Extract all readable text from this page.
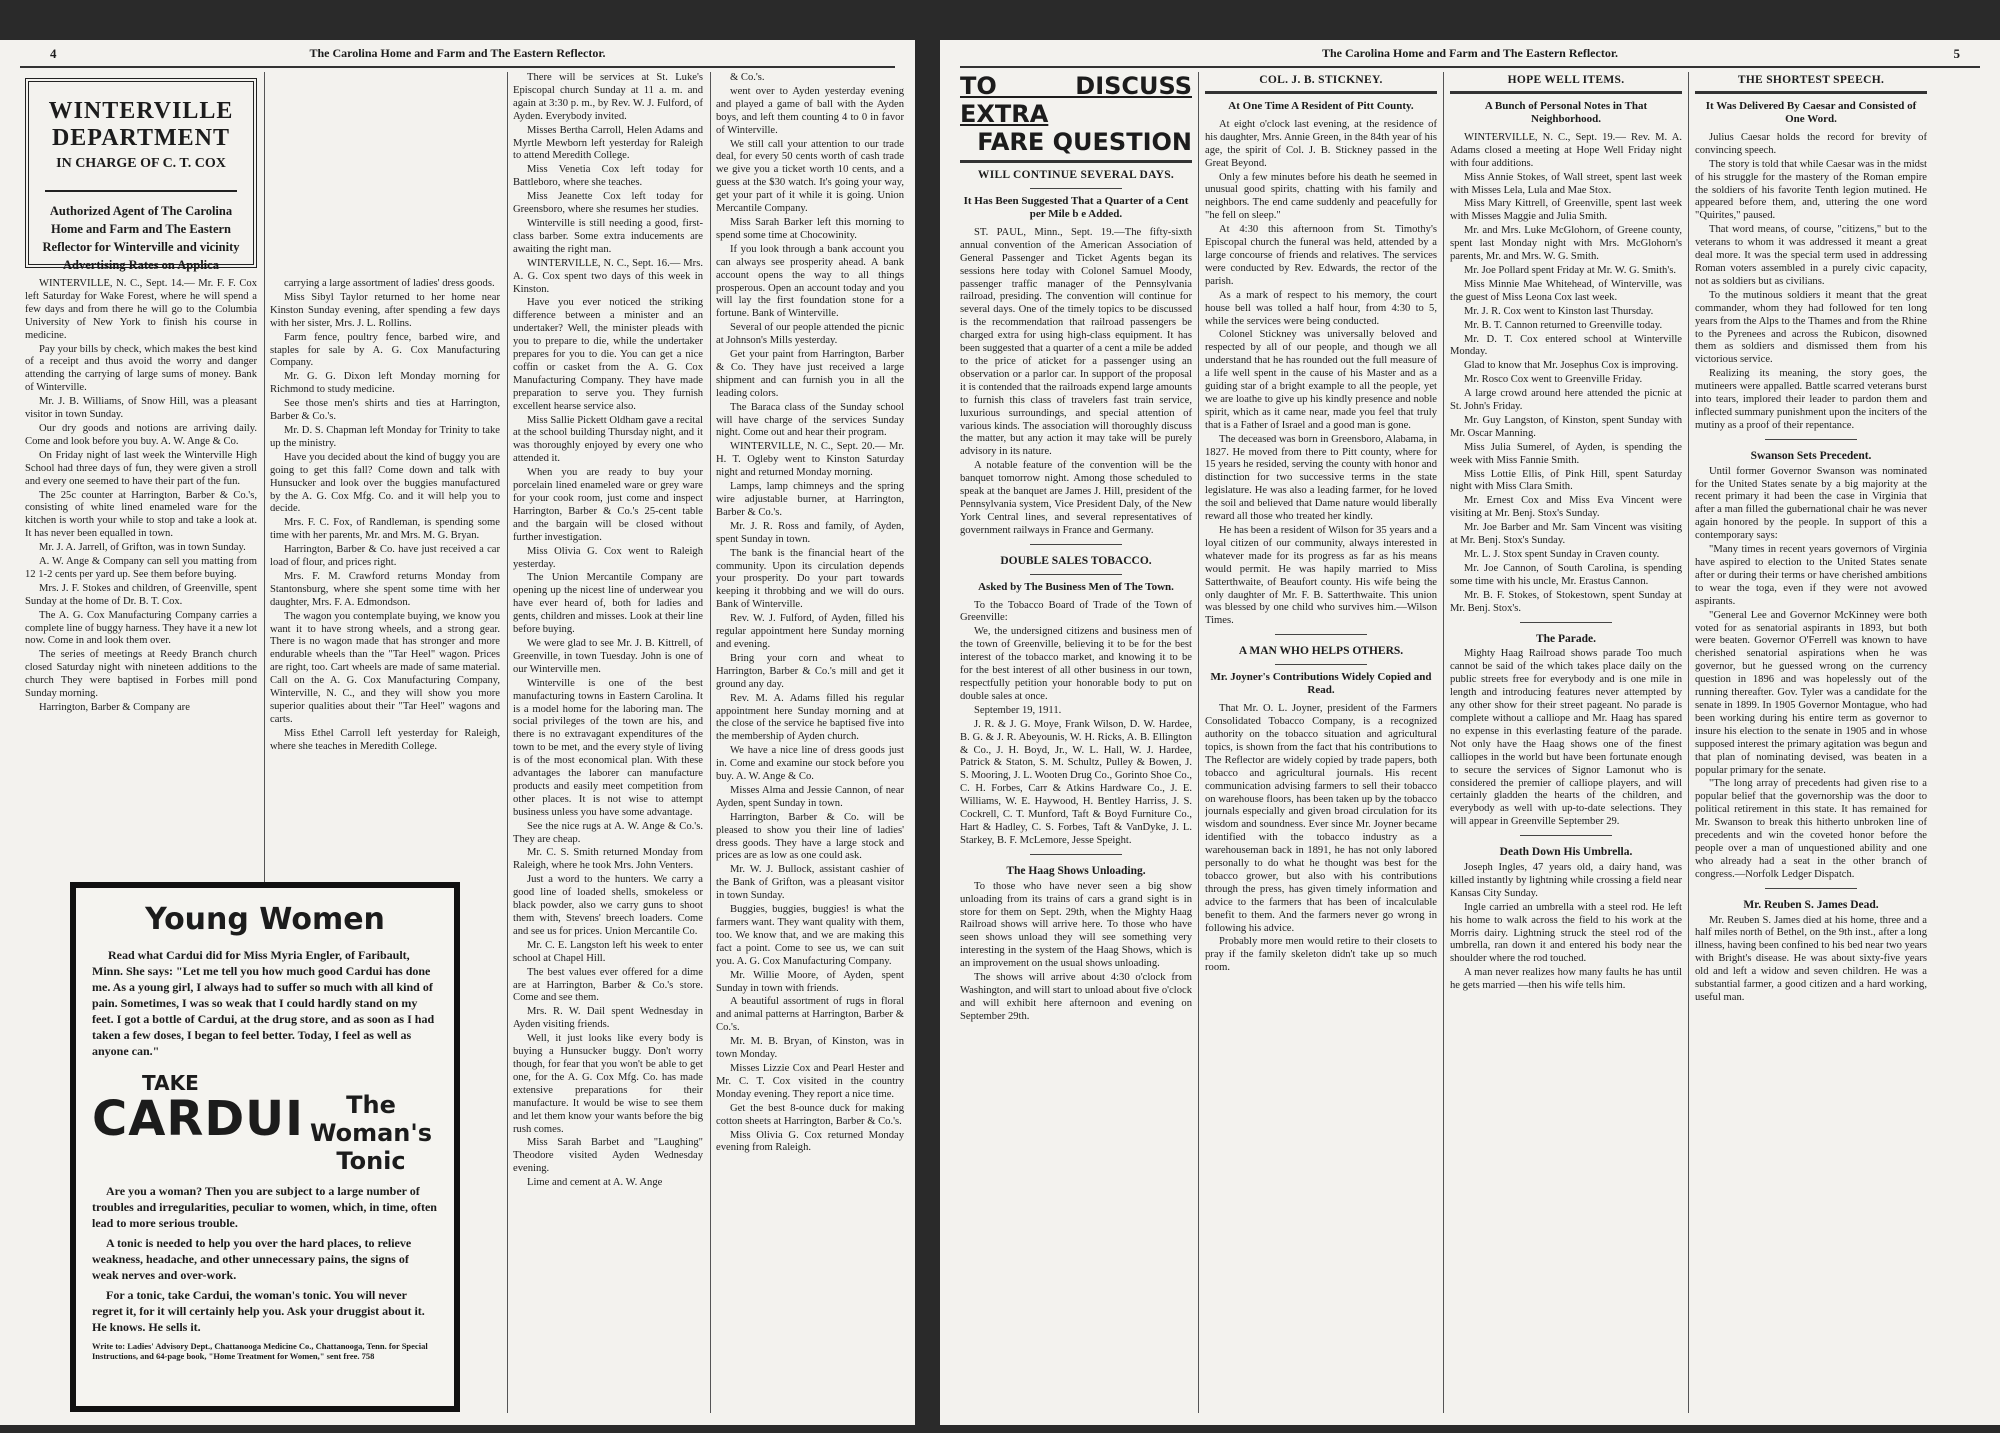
4	The Carolina Home and Farm and The Eastern Reflector.
WINTERVILLE DEPARTMENT
IN CHARGE OF C. T. COX
Authorized Agent of The Carolina Home and Farm and The Eastern Reflector for Winterville and vicinity Advertising Rates on Applica

WINTERVILLE, N. C., Sept. 14.— Mr. F. F. Cox left Saturday for Wake Forest, where he will spend a few days and from there he will go to the Columbia University of New York to finish his course in medicine.

Pay your bills by check, which makes the best kind of a receipt and thus avoid the worry and danger attending the carrying of large sums of money. Bank of Winterville.

Mr. J. B. Williams, of Snow Hill, was a pleasant visitor in town Sunday.

Our dry goods and notions are arriving daily. Come and look before you buy. A. W. Ange & Co.

On Friday night of last week the Winterville High School had three days of fun, they were given a stroll and every one seemed to have their part of the fun.

The 25c counter at Harrington, Barber & Co.'s, consisting of white lined enameled ware for the kitchen is worth your while to stop and take a look at. It has never been equalled in town.

Mr. J. A. Jarrell, of Grifton, was in town Sunday.

A. W. Ange & Company can sell you matting from 12 1-2 cents per yard up. See them before buying.

Mrs. J. F. Stokes and children, of Greenville, spent Sunday at the home of Dr. B. T. Cox.

The A. G. Cox Manufacturing Company carries a complete line of buggy harness. They have it a new lot now. Come in and look them over.

The series of meetings at Reedy Branch church closed Saturday night with nineteen additions to the church They were baptised in Forbes mill pond Sunday morning.

Harrington, Barber & Company are

carrying a large assortment of ladies' dress goods.

Miss Sibyl Taylor returned to her home near Kinston Sunday evening, after spending a few days with her sister, Mrs. J. L. Rollins.

Farm fence, poultry fence, barbed wire, and staples for sale by A. G. Cox Manufacturing Company.

Mr. G. G. Dixon left Monday morning for Richmond to study medicine.

See those men's shirts and ties at Harrington, Barber & Co.'s.

Mr. D. S. Chapman left Monday for Trinity to take up the ministry.

Have you decided about the kind of buggy you are going to get this fall? Come down and talk with Hunsucker and look over the buggies manufactured by the A. G. Cox Mfg. Co. and it will help you to decide.

Mrs. F. C. Fox, of Randleman, is spending some time with her parents, Mr. and Mrs. M. G. Bryan.

Harrington, Barber & Co. have just received a car load of flour, and prices right.

Mrs. F. M. Crawford returns Monday from Stantonsburg, where she spent some time with her daughter, Mrs. F. A. Edmondson.

The wagon you contemplate buying, we know you want it to have strong wheels, and a strong gear. There is no wagon made that has stronger and more endurable wheels than the "Tar Heel" wagon. Prices are right, too. Cart wheels are made of same material. Call on the A. G. Cox Manufacturing Company, Winterville, N. C., and they will show you more superior qualities about their "Tar Heel" wagons and carts.

Miss Ethel Carroll left yesterday for Raleigh, where she teaches in Meredith College.

There will be services at St. Luke's Episcopal church Sunday at 11 a. m. and again at 3:30 p. m., by Rev. W. J. Fulford, of Ayden. Everybody invited.

Misses Bertha Carroll, Helen Adams and Myrtle Mewborn left yesterday for Raleigh to attend Meredith College.

Miss Venetia Cox left today for Battleboro, where she teaches.

Miss Jeanette Cox left today for Greensboro, where she resumes her studies.

Winterville is still needing a good, first-class barber. Some extra inducements are awaiting the right man.

WINTERVILLE, N. C., Sept. 16.— Mrs. A. G. Cox spent two days of this week in Kinston.

Have you ever noticed the striking difference between a minister and an undertaker? Well, the minister pleads with you to prepare to die, while the undertaker prepares for you to die. You can get a nice coffin or casket from the A. G. Cox Manufacturing Company. They have made preparation to serve you. They furnish excellent hearse service also.

Miss Sallie Pickett Oldham gave a recital at the school building Thursday night, and it was thoroughly enjoyed by every one who attended it.

When you are ready to buy your porcelain lined enameled ware or grey ware for your cook room, just come and inspect Harrington, Barber & Co.'s 25-cent table and the bargain will be closed without further investigation.

Miss Olivia G. Cox went to Raleigh yesterday.

The Union Mercantile Company are opening up the nicest line of underwear you have ever heard of, both for ladies and gents, children and misses. Look at their line before buying.

We were glad to see Mr. J. B. Kittrell, of Greenville, in town Tuesday. John is one of our Winterville men.

Winterville is one of the best manufacturing towns in Eastern Carolina. It is a model home for the laboring man. The social privileges of the town are his, and there is no extravagant expenditures of the town to be met, and the every style of living is of the most economical plan. With these advantages the laborer can manufacture products and easily meet competition from other places. It is not wise to attempt business unless you have some advantage.

See the nice rugs at A. W. Ange & Co.'s. They are cheap.

Mr. C. S. Smith returned Monday from Raleigh, where he took Mrs. John Venters.

Just a word to the hunters. We carry a good line of loaded shells, smokeless or black powder, also we carry guns to shoot them with, Stevens' breech loaders. Come and see us for prices. Union Mercantile Co.

Mr. C. E. Langston left his week to enter school at Chapel Hill.

The best values ever offered for a dime are at Harrington, Barber & Co.'s store. Come and see them.

Mrs. R. W. Dail spent Wednesday in Ayden visiting friends.

Well, it just looks like every body is buying a Hunsucker buggy. Don't worry though, for fear that you won't be able to get one, for the A. G. Cox Mfg. Co. has made extensive preparations for their manufacture. It would be wise to see them and let them know your wants before the big rush comes.

Miss Sarah Barbet and "Laughing" Theodore visited Ayden Wednesday evening.

Lime and cement at A. W. Ange

& Co.'s.

went over to Ayden yesterday evening and played a game of ball with the Ayden boys, and left them counting 4 to 0 in favor of Winterville.

We still call your attention to our trade deal, for every 50 cents worth of cash trade we give you a ticket worth 10 cents, and a guess at the $30 watch. It's going your way, get your part of it while it is going. Union Mercantile Company.

Miss Sarah Barker left this morning to spend some time at Chocowinity.

If you look through a bank account you can always see prosperity ahead. A bank account opens the way to all things prosperous. Open an account today and you will lay the first foundation stone for a fortune. Bank of Winterville.

Several of our people attended the picnic at Johnson's Mills yesterday.

Get your paint from Harrington, Barber & Co. They have just received a large shipment and can furnish you in all the leading colors.

The Baraca class of the Sunday school will have charge of the services Sunday night. Come out and hear their program.

WINTERVILLE, N. C., Sept. 20.— Mr. H. T. Ogleby went to Kinston Saturday night and returned Monday morning.

Lamps, lamp chimneys and the spring wire adjustable burner, at Harrington, Barber & Co.'s.

Mr. J. R. Ross and family, of Ayden, spent Sunday in town.

The bank is the financial heart of the community. Upon its circulation depends your prosperity. Do your part towards keeping it throbbing and we will do ours. Bank of Winterville.

Rev. W. J. Fulford, of Ayden, filled his regular appointment here Sunday morning and evening.

Bring your corn and wheat to Harrington, Barber & Co.'s mill and get it ground any day.

Rev. M. A. Adams filled his regular appointment here Sunday morning and at the close of the service he baptised five into the membership of Ayden church.

We have a nice line of dress goods just in. Come and examine our stock before you buy. A. W. Ange & Co.

Misses Alma and Jessie Cannon, of near Ayden, spent Sunday in town.

Harrington, Barber & Co. will be pleased to show you their line of ladies' dress goods. They have a large stock and prices are as low as one could ask.

Mr. W. J. Bullock, assistant cashier of the Bank of Grifton, was a pleasant visitor in town Sunday.

Buggies, buggies, buggies! is what the farmers want. They want quality with them, too. We know that, and we are making this fact a point. Come to see us, we can suit you. A. G. Cox Manufacturing Company.

Mr. Willie Moore, of Ayden, spent Sunday in town with friends.

A beautiful assortment of rugs in floral and animal patterns at Harrington, Barber & Co.'s.

Mr. M. B. Bryan, of Kinston, was in town Monday.

Misses Lizzie Cox and Pearl Hester and Mr. C. T. Cox visited in the country Monday evening. They report a nice time.

Get the best 8-ounce duck for making cotton sheets at Harrington, Barber & Co.'s.

Miss Olivia G. Cox returned Monday evening from Raleigh.

Young Women
Read what Cardui did for Miss Myria Engler, of Faribault, Minn. She says: "Let me tell you how much good Cardui has done me. As a young girl, I always had to suffer so much with all kind of pain. Sometimes, I was so weak that I could hardly stand on my feet. I got a bottle of Cardui, at the drug store, and as soon as I had taken a few doses, I began to feel better. Today, I feel as well as anyone can."
TAKE
CARDUI	The
Woman's Tonic

Are you a woman? Then you are subject to a large number of troubles and irregularities, peculiar to women, which, in time, often lead to more serious trouble.

A tonic is needed to help you over the hard places, to relieve weakness, headache, and other unnecessary pains, the signs of weak nerves and over-work.

For a tonic, take Cardui, the woman's tonic. You will never regret it, for it will certainly help you. Ask your druggist about it. He knows. He sells it.

Write to: Ladies' Advisory Dept., Chattanooga Medicine Co., Chattanooga, Tenn. for Special Instructions, and 64-page book, "Home Treatment for Women," sent free. 758
The Carolina Home and Farm and The Eastern Reflector.	5
TO DISCUSS EXTRA
FARE QUESTION
WILL CONTINUE SEVERAL DAYS.
It Has Been Suggested That a Quarter of a Cent per Mile b e Added.

ST. PAUL, Minn., Sept. 19.—The fifty-sixth annual convention of the American Association of General Passenger and Ticket Agents began its sessions here today with Colonel Samuel Moody, passenger traffic manager of the Pennsylvania railroad, presiding. The convention will continue for several days. One of the timely topics to be discussed is the recommendation that railroad passengers be charged extra for using high-class equipment. It has been suggested that a quarter of a cent a mile be added to the price of aticket for a passenger using an observation or a parlor car. In support of the proposal it is contended that the railroads expend large amounts to furnish this class of travelers fast train service, luxurious surroundings, and special attention of various kinds. The association will thoroughly discuss the matter, but any action it may take will be purely advisory in its nature.

A notable feature of the convention will be the banquet tomorrow night. Among those scheduled to speak at the banquet are James J. Hill, president of the Pennsylvania system, Vice President Daly, of the New York Central lines, and several representatives of government railways in France and Germany.

DOUBLE SALES TOBACCO.
Asked by The Business Men of The Town.

To the Tobacco Board of Trade of the Town of Greenville:

We, the undersigned citizens and business men of the town of Greenville, believing it to be for the best interest of the tobacco market, and knowing it to be for the best interest of all other business in our town, respectfully petition your honorable body to put on double sales at once.

September 19, 1911.

J. R. & J. G. Moye, Frank Wilson, D. W. Hardee, B. G. & J. R. Abeyounis, W. H. Ricks, A. B. Ellington & Co., J. H. Boyd, Jr., W. L. Hall, W. J. Hardee, Patrick & Staton, S. M. Schultz, Pulley & Bowen, J. S. Mooring, J. L. Wooten Drug Co., Gorinto Shoe Co., C. H. Forbes, Carr & Atkins Hardware Co., J. E. Williams, W. E. Haywood, H. Bentley Harriss, J. S. Cockrell, C. T. Munford, Taft & Boyd Furniture Co., Hart & Hadley, C. S. Forbes, Taft & VanDyke, J. L. Starkey, B. F. McLemore, Jesse Speight.

The Haag Shows Unloading.

To those who have never seen a big show unloading from its trains of cars a grand sight is in store for them on Sept. 29th, when the Mighty Haag Railroad shows will arrive here. To those who have seen shows unload they will see something very interesting in the system of the Haag Shows, which is an improvement on the usual shows unloading.

The shows will arrive about 4:30 o'clock from Washington, and will start to unload about five o'clock and will exhibit here afternoon and evening on September 29th.

COL. J. B. STICKNEY.
At One Time A Resident of Pitt County.

At eight o'clock last evening, at the residence of his daughter, Mrs. Annie Green, in the 84th year of his age, the spirit of Col. J. B. Stickney passed in the Great Beyond.

Only a few minutes before his death he seemed in unusual good spirits, chatting with his family and neighbors. The end came suddenly and peacefully for "he fell on sleep."

At 4:30 this afternoon from St. Timothy's Episcopal church the funeral was held, attended by a large concourse of friends and relatives. The services were conducted by Rev. Edwards, the rector of the parish.

As a mark of respect to his memory, the court house bell was tolled a half hour, from 4:30 to 5, while the services were being conducted.

Colonel Stickney was universally beloved and respected by all of our people, and though we all understand that he has rounded out the full measure of a life well spent in the cause of his Master and as a guiding star of a bright example to all the people, yet we are loathe to give up his kindly presence and noble spirit, which as it came near, made you feel that truly that is a Father of Israel and a good man is gone.

The deceased was born in Greensboro, Alabama, in 1827. He moved from there to Pitt county, where for 15 years he resided, serving the county with honor and distinction for two successive terms in the state legislature. He was also a leading farmer, for he loved the soil and believed that Dame nature would liberally reward all those who treated her kindly.

He has been a resident of Wilson for 35 years and a loyal citizen of our community, always interested in whatever made for its progress as far as his means would permit. He was hapily married to Miss Satterthwaite, of Beaufort county. His wife being the only daughter of Mr. F. B. Satterthwaite. This union was blessed by one child who survives him.—Wilson Times.

A MAN WHO HELPS OTHERS.
Mr. Joyner's Contributions Widely Copied and Read.

That Mr. O. L. Joyner, president of the Farmers Consolidated Tobacco Company, is a recognized authority on the tobacco situation and agricultural topics, is shown from the fact that his contributions to The Reflector are widely copied by trade papers, both tobacco and agricultural journals. His recent communication advising farmers to sell their tobacco on warehouse floors, has been taken up by the tobacco journals especially and given broad circulation for its wisdom and soundness. Ever since Mr. Joyner became identified with the tobacco industry as a warehouseman back in 1891, he has not only labored personally to do what he thought was best for the tobacco grower, but also with his contributions through the press, has given timely information and advice to the farmers that has been of incalculable benefit to them. And the farmers never go wrong in following his advice.

Probably more men would retire to their closets to pray if the family skeleton didn't take up so much room.

HOPE WELL ITEMS.
A Bunch of Personal Notes in That Neighborhood.

WINTERVILLE, N. C., Sept. 19.— Rev. M. A. Adams closed a meeting at Hope Well Friday night with four additions.

Miss Annie Stokes, of Wall street, spent last week with Misses Lela, Lula and Mae Stox.

Miss Mary Kittrell, of Greenville, spent last week with Misses Maggie and Julia Smith.

Mr. and Mrs. Luke McGlohorn, of Greene county, spent last Monday night with Mrs. McGlohorn's parents, Mr. and Mrs. W. G. Smith.

Mr. Joe Pollard spent Friday at Mr. W. G. Smith's.

Miss Minnie Mae Whitehead, of Winterville, was the guest of Miss Leona Cox last week.

Mr. J. R. Cox went to Kinston last Thursday.

Mr. B. T. Cannon returned to Greenville today.

Mr. D. T. Cox entered school at Winterville Monday.

Glad to know that Mr. Josephus Cox is improving.

Mr. Rosco Cox went to Greenville Friday.

A large crowd around here attended the picnic at St. John's Friday.

Mr. Guy Langston, of Kinston, spent Sunday with Mr. Oscar Manning.

Miss Julia Sumerel, of Ayden, is spending the week with Miss Fannie Smith.

Miss Lottie Ellis, of Pink Hill, spent Saturday night with Miss Clara Smith.

Mr. Ernest Cox and Miss Eva Vincent were visiting at Mr. Benj. Stox's Sunday.

Mr. Joe Barber and Mr. Sam Vincent was visiting at Mr. Benj. Stox's Sunday.

Mr. L. J. Stox spent Sunday in Craven county.

Mr. Joe Cannon, of South Carolina, is spending some time with his uncle, Mr. Erastus Cannon.

Mr. B. F. Stokes, of Stokestown, spent Sunday at Mr. Benj. Stox's.

The Parade.

Mighty Haag Railroad shows parade Too much cannot be said of the which takes place daily on the public streets free for everybody and is one mile in length and introducing features never attempted by any other show for their street pageant. No parade is complete without a calliope and Mr. Haag has spared no expense in this everlasting feature of the parade. Not only have the Haag shows one of the finest calliopes in the world but have been fortunate enough to secure the services of Signor Lamonut who is considered the premier of calliope players, and will certainly gladden the hearts of the children, and everybody as well with up-to-date selections. They will appear in Greenville September 29.

Death Down His Umbrella.

Joseph Ingles, 47 years old, a dairy hand, was killed instantly by lightning while crossing a field near Kansas City Sunday.

Ingle carried an umbrella with a steel rod. He left his home to walk across the field to his work at the Morris dairy. Lightning struck the steel rod of the umbrella, ran down it and entered his body near the shoulder where the rod touched.

A man never realizes how many faults he has until he gets married —then his wife tells him.

THE SHORTEST SPEECH.
It Was Delivered By Caesar and Consisted of One Word.

Julius Caesar holds the record for brevity of convincing speech.

The story is told that while Caesar was in the midst of his struggle for the mastery of the Roman empire the soldiers of his favorite Tenth legion mutined. He appeared before them, and, uttering the one word "Quirites," paused.

That word means, of course, "citizens," but to the veterans to whom it was addressed it meant a great deal more. It was the special term used in addressing Roman voters assembled in a purely civic capacity, not as soldiers but as civilians.

To the mutinous soldiers it meant that the great commander, whom they had followed for ten long years from the Alps to the Thames and from the Rhine to the Pyrenees and across the Rubicon, disowned them as soldiers and dismissed them from his victorious service.

Realizing its meaning, the story goes, the mutineers were appalled. Battle scarred veterans burst into tears, implored their leader to pardon them and inflected summary punishment upon the inciters of the mutiny as a proof of their repentance.

Swanson Sets Precedent.

Until former Governor Swanson was nominated for the United States senate by a big majority at the recent primary it had been the case in Virginia that after a man filled the gubernational chair he was never again honored by the people. In support of this a contemporary says:

"Many times in recent years governors of Virginia have aspired to election to the United States senate after or during their terms or have cherished ambitions to wear the toga, even if they were not avowed aspirants.

"General Lee and Governor McKinney were both voted for as senatorial aspirants in 1893, but both were beaten. Governor O'Ferrell was known to have cherished senatorial aspirations when he was governor, but he guessed wrong on the currency question in 1896 and was hopelessly out of the running thereafter. Gov. Tyler was a candidate for the senate in 1899. In 1905 Governor Montague, who had been working during his entire term as governor to insure his election to the senate in 1905 and in whose supposed interest the primary agitation was begun and that plan of nominating devised, was beaten in a popular primary for the senate.

"The long array of precedents had given rise to a popular belief that the governorship was the door to political retirement in this state. It has remained for Mr. Swanson to break this hitherto unbroken line of precedents and win the coveted honor before the people over a man of unquestioned ability and one who already had a seat in the other branch of congress.—Norfolk Ledger Dispatch.

Mr. Reuben S. James Dead.

Mr. Reuben S. James died at his home, three and a half miles north of Bethel, on the 9th inst., after a long illness, having been confined to his bed near two years with Bright's disease. He was about sixty-five years old and left a widow and seven children. He was a substantial farmer, a good citizen and a hard working, useful man.
